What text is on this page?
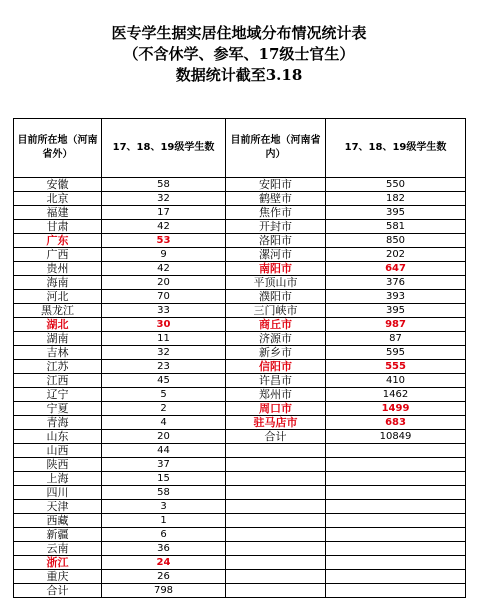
医专学生据实居住地域分布情况统计表
（不含休学、参军、17级士官生）
数据统计截至3.18
目前所在地（河南省外）	17、18、19级学生数	目前所在地（河南省内）	17、18、19级学生数
安徽	58	安阳市	550
北京	32	鹤壁市	182
福建	17	焦作市	395
甘肃	42	开封市	581
广东	53	洛阳市	850
广西	9	漯河市	202
贵州	42	南阳市	647
海南	20	平顶山市	376
河北	70	濮阳市	393
黑龙江	33	三门峡市	395
湖北	30	商丘市	987
湖南	11	济源市	87
吉林	32	新乡市	595
江苏	23	信阳市	555
江西	45	许昌市	410
辽宁	5	郑州市	1462
宁夏	2	周口市	1499
青海	4	驻马店市	683
山东	20	合计	10849
山西	44		
陕西	37		
上海	15		
四川	58		
天津	3		
西藏	1		
新疆	6		
云南	36		
浙江	24		
重庆	26		
合计	798		
